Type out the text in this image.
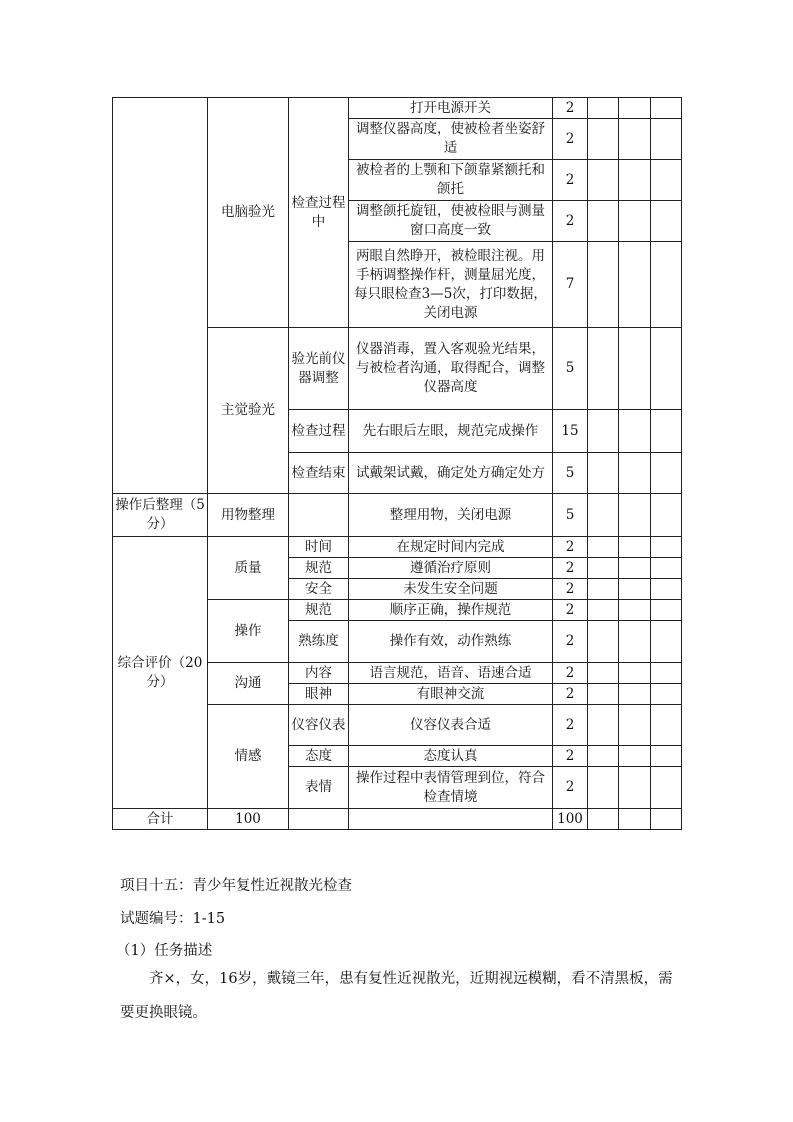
	电脑验光	检查过程中	打开电源开关	2			
			调整仪器高度，使被检者坐姿舒适	2			
			被检者的上颚和下颌靠紧额托和颌托	2			
			调整颌托旋钮，使被检眼与测量窗口高度一致	2			
			两眼自然睁开，被检眼注视。用手柄调整操作杆，测量屈光度，每只眼检查3—5次，打印数据，关闭电源	7			
	主觉验光	验光前仪器调整	仪器消毒，置入客观验光结果，与被检者沟通，取得配合，调整仪器高度	5			
		检查过程	先右眼后左眼，规范完成操作	15			
		检查结束	试戴架试戴，确定处方确定处方	5			
操作后整理（5分）	用物整理		整理用物，关闭电源	5			
综合评价（20分）	质量	时间	在规定时间内完成	2			
		规范	遵循治疗原则	2			
		安全	未发生安全问题	2			
	操作	规范	顺序正确，操作规范	2			
		熟练度	操作有效，动作熟练	2			
	沟通	内容	语言规范，语音、语速合适	2			
		眼神	有眼神交流	2			
	情感	仪容仪表	仪容仪表合适	2			
		态度	态度认真	2			
		表情	操作过程中表情管理到位，符合检查情境	2			
合计	100			100			
项目十五：青少年复性近视散光检查
试题编号：1-15
（1）任务描述
齐×，女，16岁，戴镜三年，患有复性近视散光，近期视远模糊，看不清黑板，需要更换眼镜。
